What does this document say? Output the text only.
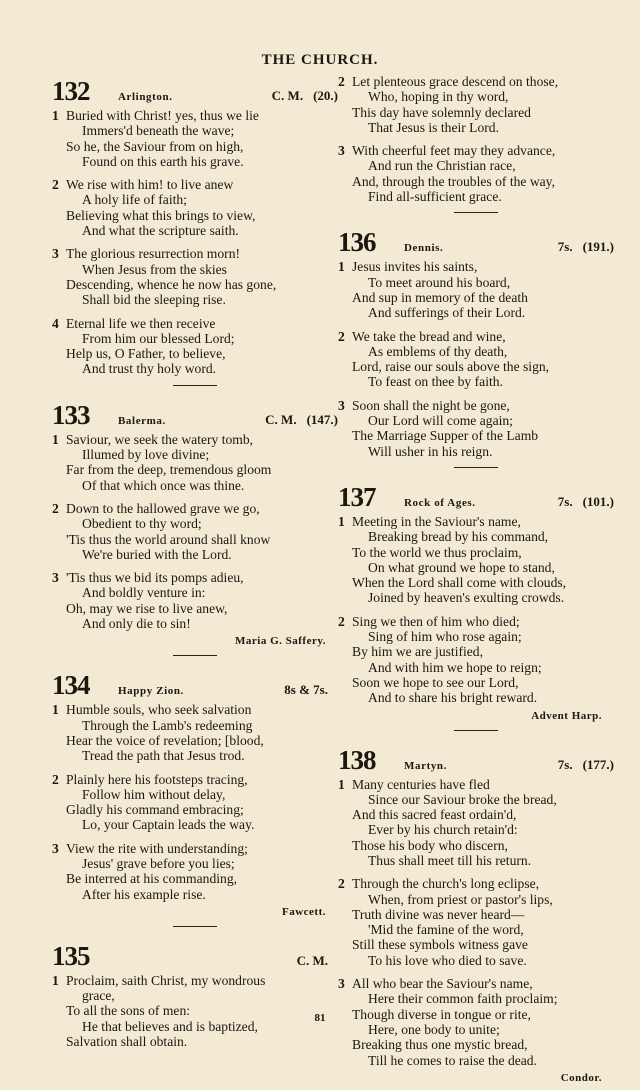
THE CHURCH.
132	Arlington.	C. M. (20.)
1 Buried with Christ! yes, thus we lie
Immers'd beneath the wave;
So he, the Saviour from on high,
Found on this earth his grave.
2 We rise with him! to live anew
A holy life of faith;
Believing what this brings to view,
And what the scripture saith.
3 The glorious resurrection morn!
When Jesus from the skies
Descending, whence he now has gone,
Shall bid the sleeping rise.
4 Eternal life we then receive
From him our blessed Lord;
Help us, O Father, to believe,
And trust thy holy word.
133	Balerma.	C. M. (147.)
1 Saviour, we seek the watery tomb,
Illumed by love divine;
Far from the deep, tremendous gloom
Of that which once was thine.
2 Down to the hallowed grave we go,
Obedient to thy word;
'Tis thus the world around shall know
We're buried with the Lord.
3 'Tis thus we bid its pomps adieu,
And boldly venture in:
Oh, may we rise to live anew,
And only die to sin!
Maria G. Saffery.
134	Happy Zion.	8s & 7s.
1 Humble souls, who seek salvation
Through the Lamb's redeeming
Hear the voice of revelation; [blood,
Tread the path that Jesus trod.
2 Plainly here his footsteps tracing,
Follow him without delay,
Gladly his command embracing;
Lo, your Captain leads the way.
3 View the rite with understanding;
Jesus' grave before you lies;
Be interred at his commanding,
After his example rise.
Fawcett.
135	C. M.
1 Proclaim, saith Christ, my wondrous
grace,
To all the sons of men:
He that believes and is baptized,
Salvation shall obtain.
2 Let plenteous grace descend on those,
Who, hoping in thy word,
This day have solemnly declared
That Jesus is their Lord.
3 With cheerful feet may they advance,
And run the Christian race,
And, through the troubles of the way,
Find all-sufficient grace.
136	Dennis.	7s. (191.)
1 Jesus invites his saints,
To meet around his board,
And sup in memory of the death
And sufferings of their Lord.
2 We take the bread and wine,
As emblems of thy death,
Lord, raise our souls above the sign,
To feast on thee by faith.
3 Soon shall the night be gone,
Our Lord will come again;
The Marriage Supper of the Lamb
Will usher in his reign.
137	Rock of Ages.	7s. (101.)
1 Meeting in the Saviour's name,
Breaking bread by his command,
To the world we thus proclaim,
On what ground we hope to stand,
When the Lord shall come with clouds,
Joined by heaven's exulting crowds.
2 Sing we then of him who died;
Sing of him who rose again;
By him we are justified,
And with him we hope to reign;
Soon we hope to see our Lord,
And to share his bright reward.
Advent Harp.
138	Martyn.	7s. (177.)
1 Many centuries have fled
Since our Saviour broke the bread,
And this sacred feast ordain'd,
Ever by his church retain'd:
Those his body who discern,
Thus shall meet till his return.
2 Through the church's long eclipse,
When, from priest or pastor's lips,
Truth divine was never heard—
'Mid the famine of the word,
Still these symbols witness gave
To his love who died to save.
3 All who bear the Saviour's name,
Here their common faith proclaim;
Though diverse in tongue or rite,
Here, one body to unite;
Breaking thus one mystic bread,
Till he comes to raise the dead.
Condor.
81
